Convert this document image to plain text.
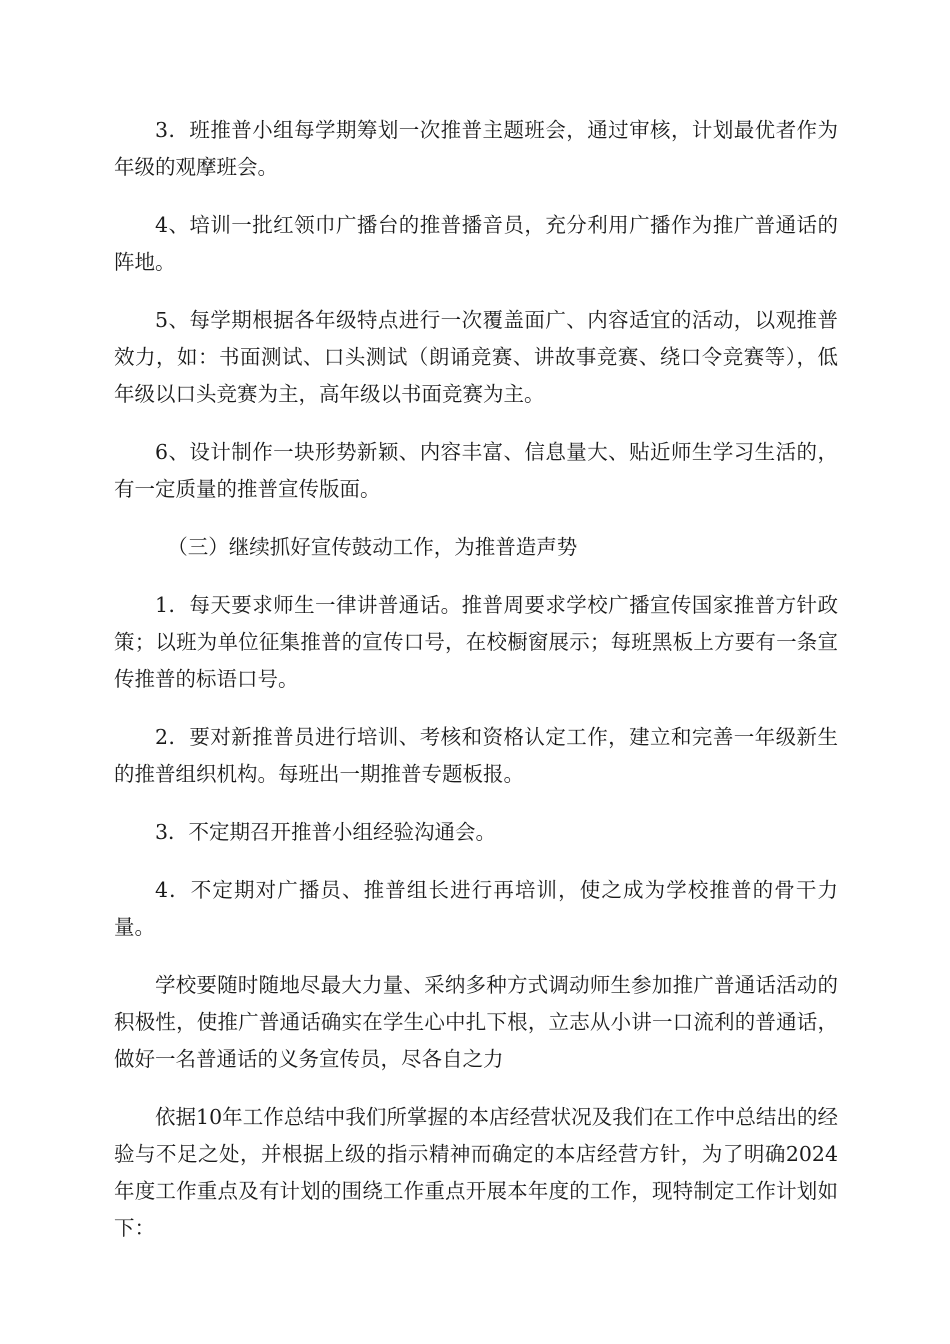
3．班推普小组每学期筹划一次推普主题班会，通过审核，计划最优者作为年级的观摩班会。

4、培训一批红领巾广播台的推普播音员，充分利用广播作为推广普通话的阵地。

5、每学期根据各年级特点进行一次覆盖面广、内容适宜的活动，以观推普效力，如：书面测试、口头测试（朗诵竞赛、讲故事竞赛、绕口令竞赛等），低年级以口头竞赛为主，高年级以书面竞赛为主。

6、设计制作一块形势新颖、内容丰富、信息量大、贴近师生学习生活的，有一定质量的推普宣传版面。

（三）继续抓好宣传鼓动工作，为推普造声势

1．每天要求师生一律讲普通话。推普周要求学校广播宣传国家推普方针政策；以班为单位征集推普的宣传口号，在校橱窗展示；每班黑板上方要有一条宣传推普的标语口号。

2．要对新推普员进行培训、考核和资格认定工作，建立和完善一年级新生的推普组织机构。每班出一期推普专题板报。

3．不定期召开推普小组经验沟通会。

4．不定期对广播员、推普组长进行再培训，使之成为学校推普的骨干力量。

学校要随时随地尽最大力量、采纳多种方式调动师生参加推广普通话活动的积极性，使推广普通话确实在学生心中扎下根，立志从小讲一口流利的普通话，做好一名普通话的义务宣传员，尽各自之力

依据10年工作总结中我们所掌握的本店经营状况及我们在工作中总结出的经验与不足之处，并根据上级的指示精神而确定的本店经营方针，为了明确2024年度工作重点及有计划的围绕工作重点开展本年度的工作，现特制定工作计划如下：
